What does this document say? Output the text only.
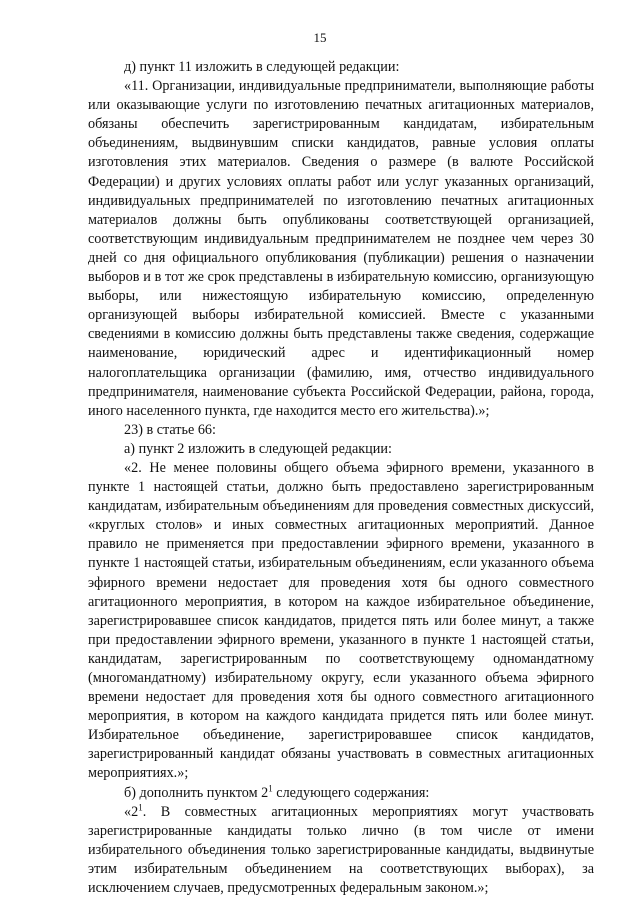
15

д) пункт 11 изложить в следующей редакции:

«11. Организации, индивидуальные предприниматели, выполняющие работы или оказывающие услуги по изготовлению печатных агитационных материалов, обязаны обеспечить зарегистрированным кандидатам, избирательным объединениям, выдвинувшим списки кандидатов, равные условия оплаты изготовления этих материалов. Сведения о размере (в валюте Российской Федерации) и других условиях оплаты работ или услуг указанных организаций, индивидуальных предпринимателей по изготовлению печатных агитационных материалов должны быть опубликованы соответствующей организацией, соответствующим индивидуальным предпринимателем не позднее чем через 30 дней со дня официального опубликования (публикации) решения о назначении выборов и в тот же срок представлены в избирательную комиссию, организующую выборы, или нижестоящую избирательную комиссию, определенную организующей выборы избирательной комиссией. Вместе с указанными сведениями в комиссию должны быть представлены также сведения, содержащие наименование, юридический адрес и идентификационный номер налогоплательщика организации (фамилию, имя, отчество индивидуального предпринимателя, наименование субъекта Российской Федерации, района, города, иного населенного пункта, где находится место его жительства).»;

23) в статье 66:

а) пункт 2 изложить в следующей редакции:

«2. Не менее половины общего объема эфирного времени, указанного в пункте 1 настоящей статьи, должно быть предоставлено зарегистрированным кандидатам, избирательным объединениям для проведения совместных дискуссий, «круглых столов» и иных совместных агитационных мероприятий. Данное правило не применяется при предоставлении эфирного времени, указанного в пункте 1 настоящей статьи, избирательным объединениям, если указанного объема эфирного времени недостает для проведения хотя бы одного совместного агитационного мероприятия, в котором на каждое избирательное объединение, зарегистрировавшее список кандидатов, придется пять или более минут, а также при предоставлении эфирного времени, указанного в пункте 1 настоящей статьи, кандидатам, зарегистрированным по соответствующему одномандатному (многомандатному) избирательному округу, если указанного объема эфирного времени недостает для проведения хотя бы одного совместного агитационного мероприятия, в котором на каждого кандидата придется пять или более минут. Избирательное объединение, зарегистрировавшее список кандидатов, зарегистрированный кандидат обязаны участвовать в совместных агитационных мероприятиях.»;

б) дополнить пунктом $2^1$ следующего содержания:

«$2^1$. В совместных агитационных мероприятиях могут участвовать зарегистрированные кандидаты только лично (в том числе от имени избирательного объединения только зарегистрированные кандидаты, выдвинутые этим избирательным объединением на соответствующих выборах), за исключением случаев, предусмотренных федеральным законом.»;
